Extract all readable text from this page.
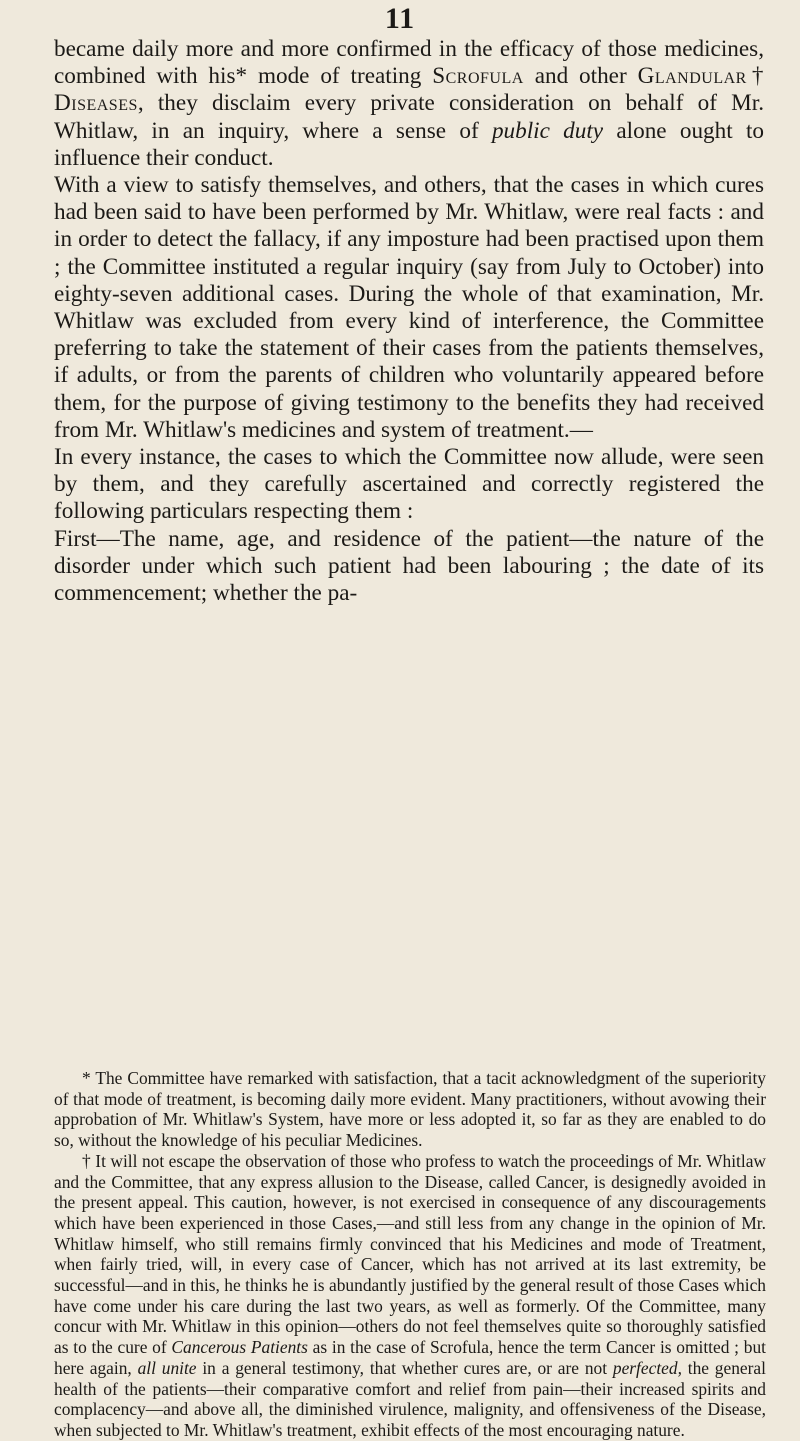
11

became daily more and more confirmed in the efficacy of those medicines, combined with his* mode of treating Scrofula and other Glandular† Diseases, they disclaim every private consideration on behalf of Mr. Whitlaw, in an inquiry, where a sense of public duty alone ought to influence their conduct.

With a view to satisfy themselves, and others, that the cases in which cures had been said to have been performed by Mr. Whitlaw, were real facts : and in order to detect the fallacy, if any imposture had been practised upon them ; the Committee instituted a regular inquiry (say from July to October) into eighty-seven additional cases. During the whole of that examination, Mr. Whitlaw was excluded from every kind of interference, the Committee preferring to take the statement of their cases from the patients themselves, if adults, or from the parents of children who voluntarily appeared before them, for the purpose of giving testimony to the benefits they had received from Mr. Whitlaw's medicines and system of treatment.—

In every instance, the cases to which the Committee now allude, were seen by them, and they carefully ascertained and correctly registered the following particulars respecting them :

First—The name, age, and residence of the patient—the nature of the disorder under which such patient had been labouring ; the date of its commencement; whether the pa-

* The Committee have remarked with satisfaction, that a tacit acknowledgment of the superiority of that mode of treatment, is becoming daily more evident. Many practitioners, without avowing their approbation of Mr. Whitlaw's System, have more or less adopted it, so far as they are enabled to do so, without the knowledge of his peculiar Medicines.

† It will not escape the observation of those who profess to watch the proceedings of Mr. Whitlaw and the Committee, that any express allusion to the Disease, called Cancer, is designedly avoided in the present appeal. This caution, however, is not exercised in consequence of any discouragements which have been experienced in those Cases,—and still less from any change in the opinion of Mr. Whitlaw himself, who still remains firmly convinced that his Medicines and mode of Treatment, when fairly tried, will, in every case of Cancer, which has not arrived at its last extremity, be successful—and in this, he thinks he is abundantly justified by the general result of those Cases which have come under his care during the last two years, as well as formerly. Of the Committee, many concur with Mr. Whitlaw in this opinion—others do not feel themselves quite so thoroughly satisfied as to the cure of Cancerous Patients as in the case of Scrofula, hence the term Cancer is omitted ; but here again, all unite in a general testimony, that whether cures are, or are not perfected, the general health of the patients—their comparative comfort and relief from pain—their increased spirits and complacency—and above all, the diminished virulence, malignity, and offensiveness of the Disease, when subjected to Mr. Whitlaw's treatment, exhibit effects of the most encouraging nature.
